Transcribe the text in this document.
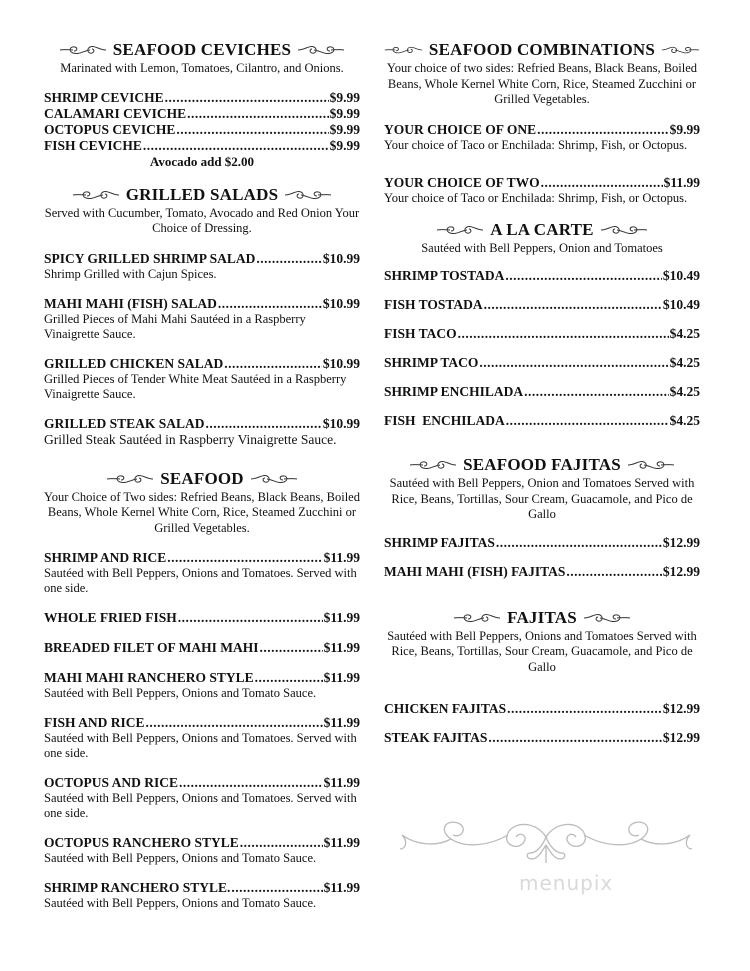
SEAFOOD CEVICHES
Marinated with Lemon, Tomatoes, Cilantro, and Onions.
SHRIMP CEVICHE .....	$9.99
CALAMARI CEVICHE .....	$9.99
OCTOPUS CEVICHE .....	$9.99
FISH CEVICHE .....	$9.99
Avocado add $2.00
GRILLED SALADS
Served with Cucumber, Tomato, Avocado and Red Onion Your Choice of Dressing.
SPICY GRILLED SHRIMP SALAD .....	$10.99
Shrimp Grilled with Cajun Spices.
MAHI MAHI (FISH) SALAD .....	$10.99
Grilled Pieces of Mahi Mahi Sautéed in a Raspberry Vinaigrette Sauce.
GRILLED CHICKEN SALAD .....	$10.99
Grilled Pieces of Tender White Meat Sautéed in a Raspberry Vinaigrette Sauce.
GRILLED STEAK SALAD .....	$10.99
Grilled Steak Sautéed in Raspberry Vinaigrette Sauce.
SEAFOOD
Your Choice of Two sides: Refried Beans, Black Beans, Boiled Beans, Whole Kernel White Corn, Rice, Steamed Zucchini or Grilled Vegetables.
SHRIMP AND RICE .....	$11.99
Sautéed with Bell Peppers, Onions and Tomatoes. Served with one side.
WHOLE FRIED FISH .....	$11.99
BREADED FILET OF MAHI MAHI .....	$11.99
MAHI MAHI RANCHERO STYLE .....	$11.99
Sautéed with Bell Peppers, Onions and Tomato Sauce.
FISH AND RICE .....	$11.99
Sautéed with Bell Peppers, Onions and Tomatoes. Served with one side.
OCTOPUS AND RICE .....	$11.99
Sautéed with Bell Peppers, Onions and Tomatoes. Served with one side.
OCTOPUS RANCHERO STYLE .....	$11.99
Sautéed with Bell Peppers, Onions and Tomato Sauce.
SHRIMP RANCHERO STYLE. .....	$11.99
Sautéed with Bell Peppers, Onions and Tomato Sauce.
SEAFOOD COMBINATIONS
Your choice of two sides: Refried Beans, Black Beans, Boiled Beans, Whole Kernel White Corn, Rice, Steamed Zucchini or Grilled Vegetables.
YOUR CHOICE OF ONE .....	$9.99
Your choice of Taco or Enchilada: Shrimp, Fish, or Octopus.
YOUR CHOICE OF TWO .....	$11.99
Your choice of Taco or Enchilada: Shrimp, Fish, or Octopus.
A LA CARTE
Sautéed with Bell Peppers, Onion and Tomatoes
SHRIMP TOSTADA .....	$10.49
FISH TOSTADA .....	$10.49
FISH TACO .....	$4.25
SHRIMP TACO .....	$4.25
SHRIMP ENCHILADA .....	$4.25
FISH  ENCHILADA .....	$4.25
SEAFOOD FAJITAS
Sautéed with Bell Peppers, Onion and Tomatoes Served with Rice, Beans, Tortillas, Sour Cream, Guacamole, and Pico de Gallo
SHRIMP FAJITAS .....	$12.99
MAHI MAHI (FISH) FAJITAS .....	$12.99
FAJITAS
Sautéed with Bell Peppers, Onions and Tomatoes Served with Rice, Beans, Tortillas, Sour Cream, Guacamole, and Pico de Gallo
CHICKEN FAJITAS .....	$12.99
STEAK FAJITAS .....	$12.99
menupix
